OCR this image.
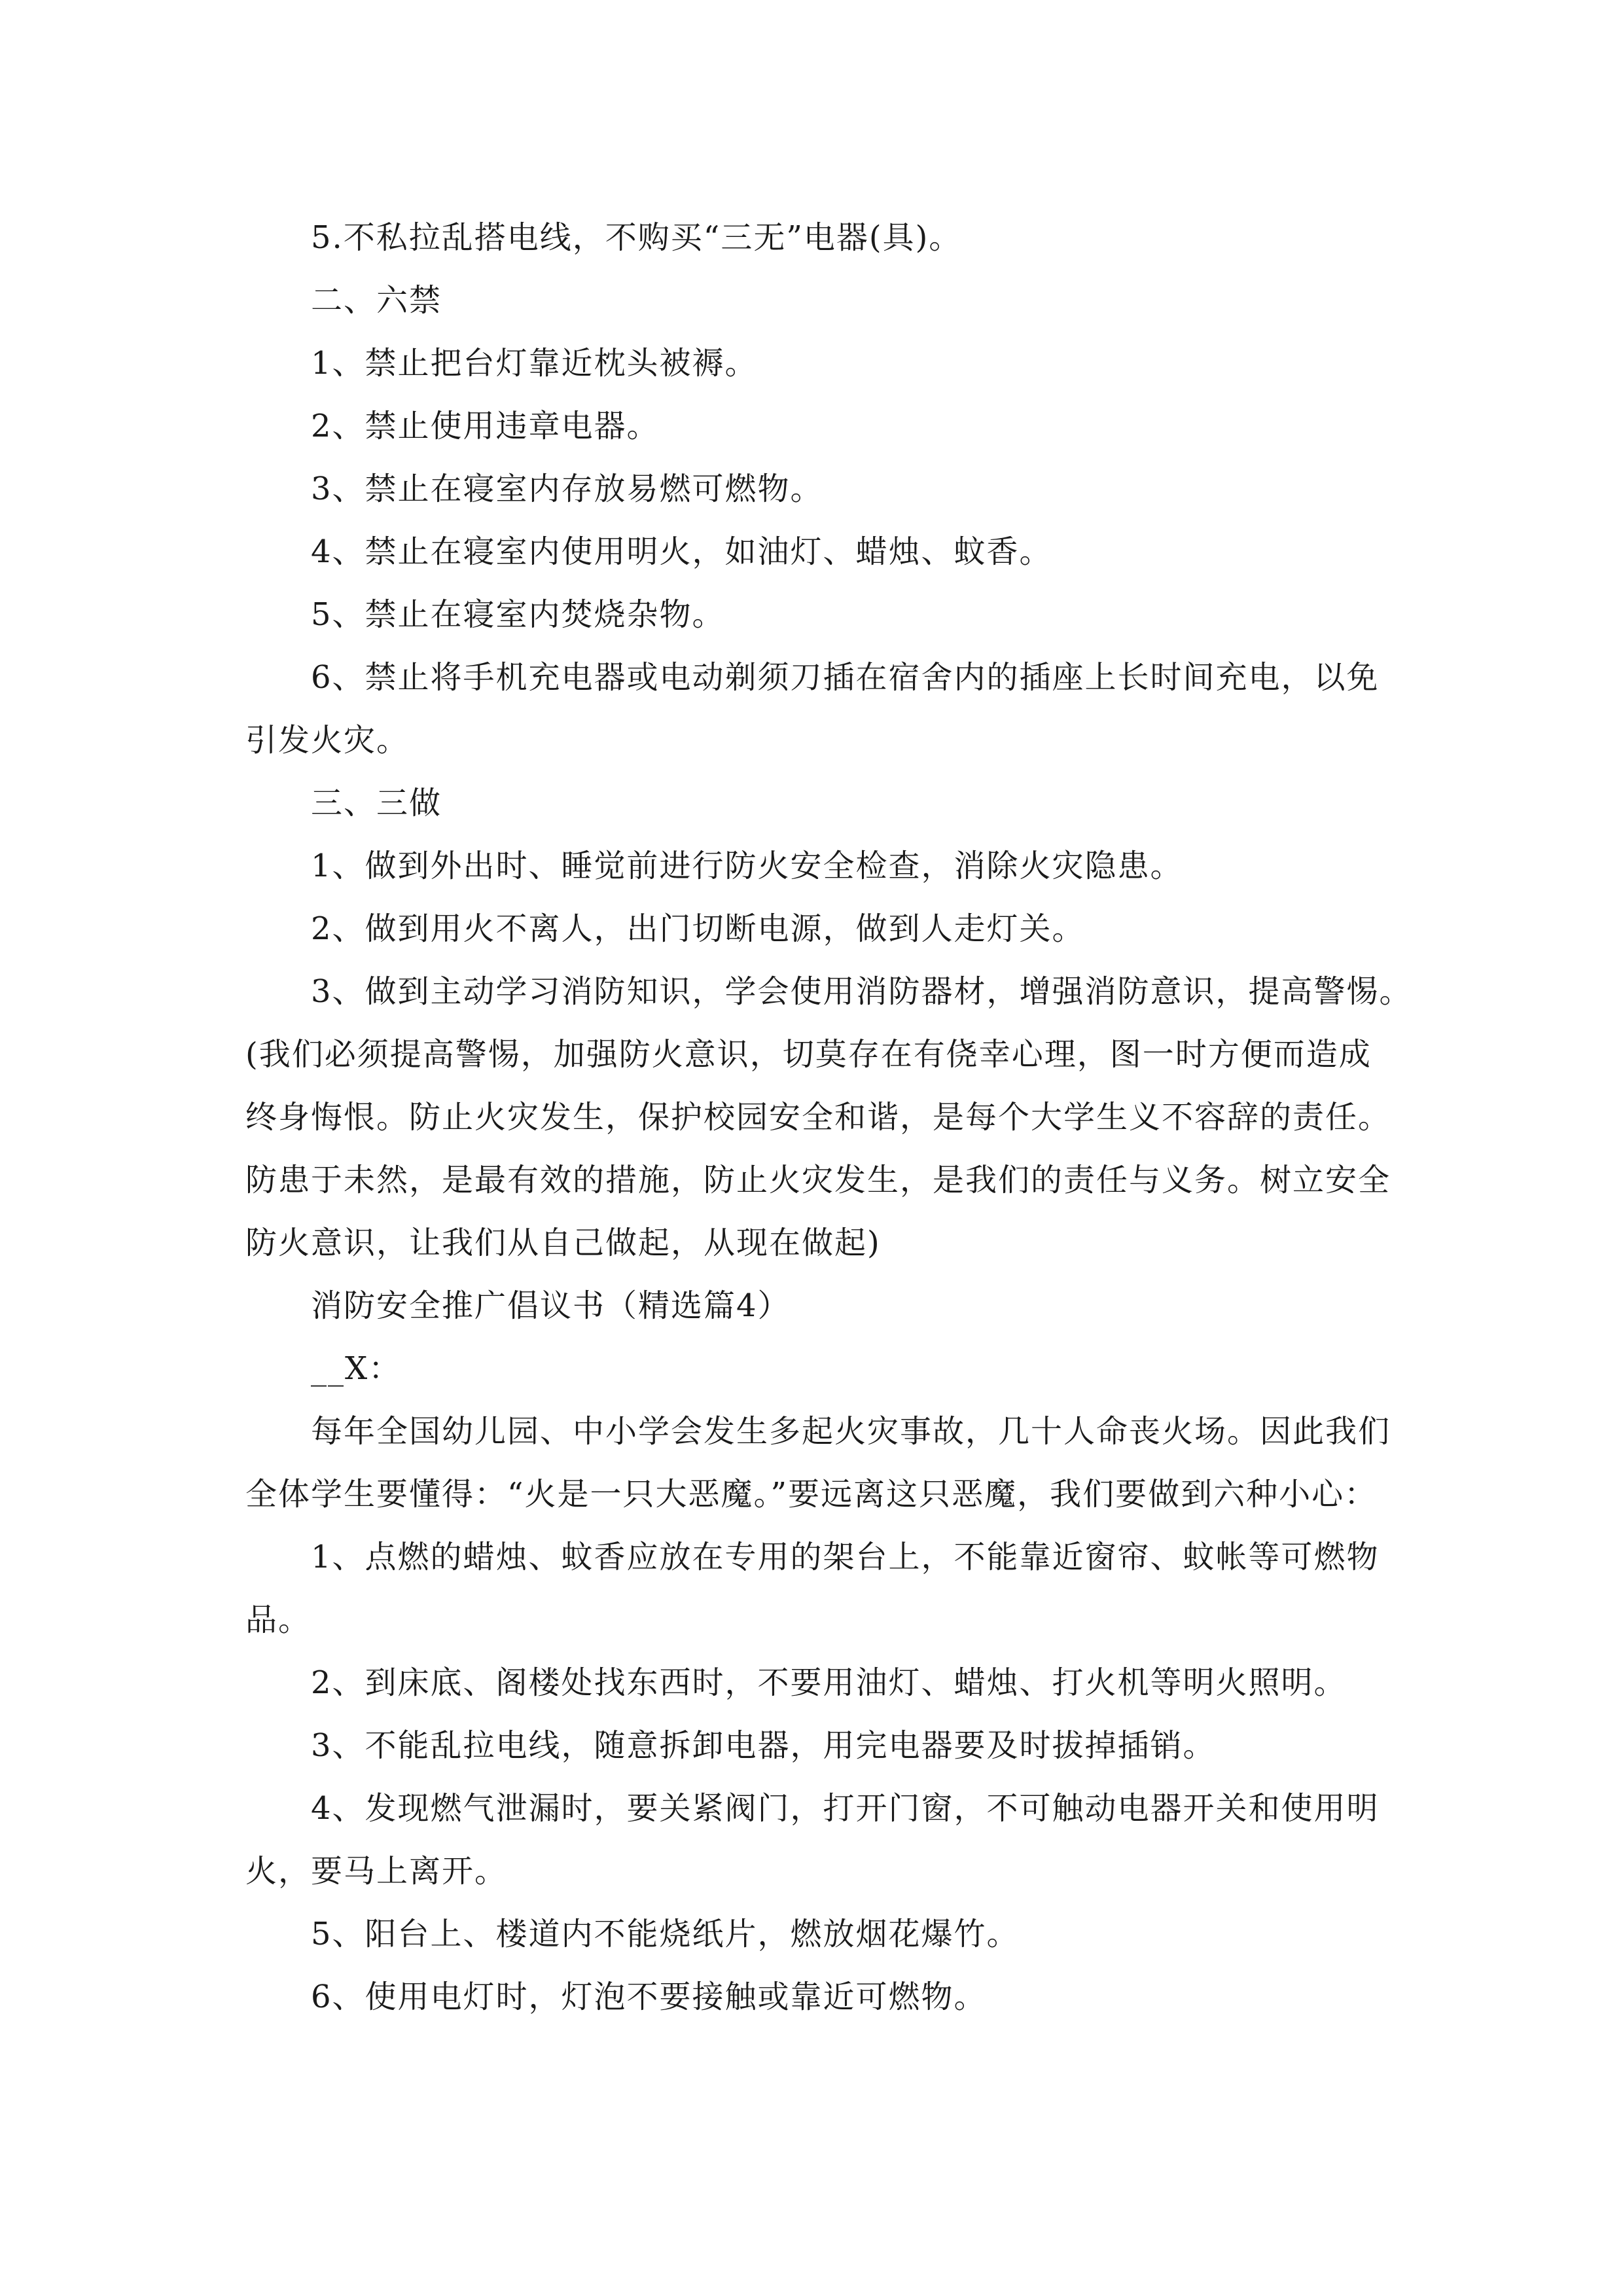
5.不私拉乱搭电线，不购买“三无”电器(具)。

二、六禁

1、禁止把台灯靠近枕头被褥。

2、禁止使用违章电器。

3、禁止在寝室内存放易燃可燃物。

4、禁止在寝室内使用明火，如油灯、蜡烛、蚊香。

5、禁止在寝室内焚烧杂物。

6、禁止将手机充电器或电动剃须刀插在宿舍内的插座上长时间充电，以免

引发火灾。

三、三做

1、做到外出时、睡觉前进行防火安全检查，消除火灾隐患。

2、做到用火不离人，出门切断电源，做到人走灯关。

3、做到主动学习消防知识，学会使用消防器材，增强消防意识，提高警惕。

(我们必须提高警惕，加强防火意识，切莫存在有侥幸心理，图一时方便而造成

终身悔恨。防止火灾发生，保护校园安全和谐，是每个大学生义不容辞的责任。

防患于未然，是最有效的措施，防止火灾发生，是我们的责任与义务。树立安全

防火意识，让我们从自己做起，从现在做起)

消防安全推广倡议书（精选篇4）

__X：

每年全国幼儿园、中小学会发生多起火灾事故，几十人命丧火场。因此我们

全体学生要懂得：“火是一只大恶魔。”要远离这只恶魔，我们要做到六种小心：

1、点燃的蜡烛、蚊香应放在专用的架台上，不能靠近窗帘、蚊帐等可燃物

品。

2、到床底、阁楼处找东西时，不要用油灯、蜡烛、打火机等明火照明。

3、不能乱拉电线，随意拆卸电器，用完电器要及时拔掉插销。

4、发现燃气泄漏时，要关紧阀门，打开门窗，不可触动电器开关和使用明

火，要马上离开。

5、阳台上、楼道内不能烧纸片，燃放烟花爆竹。

6、使用电灯时，灯泡不要接触或靠近可燃物。
